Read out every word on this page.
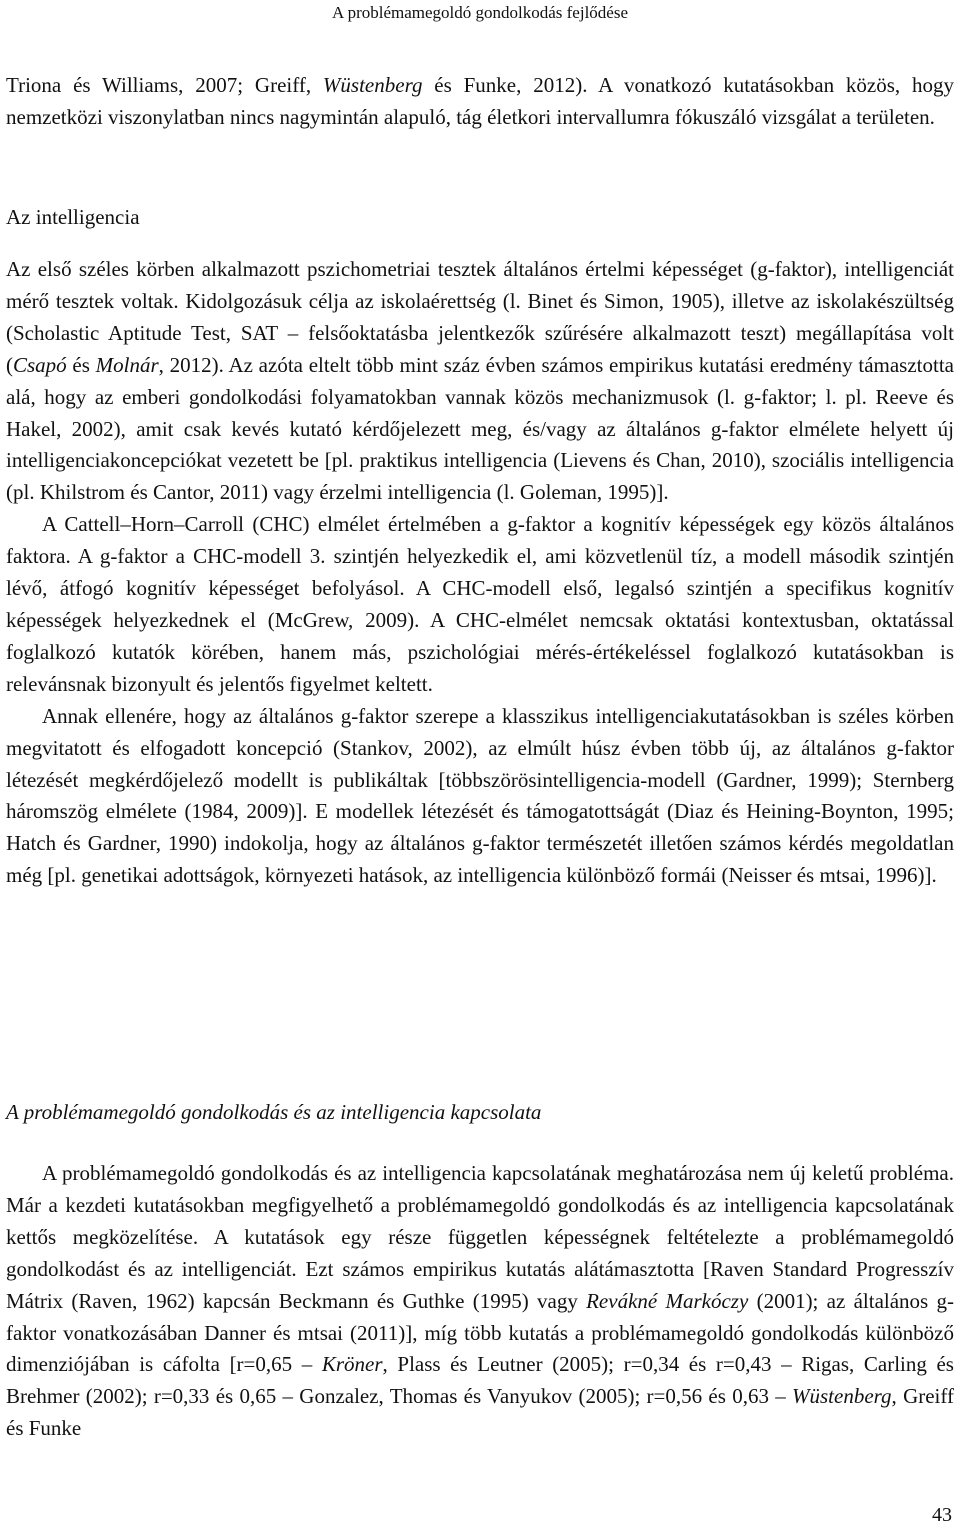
A problémamegoldó gondolkodás fejlődése

Triona és Williams, 2007; Greiff, Wüstenberg és Funke, 2012). A vonatkozó kutatásokban közös, hogy nemzetközi viszonylatban nincs nagymintán alapuló, tág életkori intervallumra fókuszáló vizsgálat a területen.

Az intelligencia

Az első széles körben alkalmazott pszichometriai tesztek általános értelmi képességet (g-faktor), intelligenciát mérő tesztek voltak. Kidolgozásuk célja az iskolaérettség (l. Binet és Simon, 1905), illetve az iskolakészültség (Scholastic Aptitude Test, SAT – felsőoktatásba jelentkezők szűrésére alkalmazott teszt) megállapítása volt (Csapó és Molnár, 2012). Az azóta eltelt több mint száz évben számos empirikus kutatási eredmény támasztotta alá, hogy az emberi gondolkodási folyamatokban vannak közös mechanizmusok (l. g-faktor; l. pl. Reeve és Hakel, 2002), amit csak kevés kutató kérdőjelezett meg, és/vagy az általános g-faktor elmélete helyett új intelligenciakoncepciókat vezetett be [pl. praktikus intelligencia (Lievens és Chan, 2010), szociális intelligencia (pl. Khilstrom és Cantor, 2011) vagy érzelmi intelligencia (l. Goleman, 1995)].

A Cattell–Horn–Carroll (CHC) elmélet értelmében a g-faktor a kognitív képességek egy közös általános faktora. A g-faktor a CHC-modell 3. szintjén helyezkedik el, ami közvetlenül tíz, a modell második szintjén lévő, átfogó kognitív képességet befolyásol. A CHC-modell első, legalsó szintjén a specifikus kognitív képességek helyezkednek el (McGrew, 2009). A CHC-elmélet nemcsak oktatási kontextusban, oktatással foglalkozó kutatók körében, hanem más, pszichológiai mérés-értékeléssel foglalkozó kutatásokban is relevánsnak bizonyult és jelentős figyelmet keltett.

Annak ellenére, hogy az általános g-faktor szerepe a klasszikus intelligenciakutatásokban is széles körben megvitatott és elfogadott koncepció (Stankov, 2002), az elmúlt húsz évben több új, az általános g-faktor létezését megkérdőjelező modellt is publikáltak [többszörösintelligencia-modell (Gardner, 1999); Sternberg háromszög elmélete (1984, 2009)]. E modellek létezését és támogatottságát (Diaz és Heining-Boynton, 1995; Hatch és Gardner, 1990) indokolja, hogy az általános g-faktor természetét illetően számos kérdés megoldatlan még [pl. genetikai adottságok, környezeti hatások, az intelligencia különböző formái (Neisser és mtsai, 1996)].

A problémamegoldó gondolkodás és az intelligencia kapcsolata

A problémamegoldó gondolkodás és az intelligencia kapcsolatának meghatározása nem új keletű probléma. Már a kezdeti kutatásokban megfigyelhető a problémamegoldó gondolkodás és az intelligencia kapcsolatának kettős megközelítése. A kutatások egy része független képességnek feltételezte a problémamegoldó gondolkodást és az intelligenciát. Ezt számos empirikus kutatás alátámasztotta [Raven Standard Progresszív Mátrix (Raven, 1962) kapcsán Beckmann és Guthke (1995) vagy Revákné Markóczy (2001); az általános g-faktor vonatkozásában Danner és mtsai (2011)], míg több kutatás a problémamegoldó gondolkodás különböző dimenziójában is cáfolta [r=0,65 – Kröner, Plass és Leutner (2005); r=0,34 és r=0,43 – Rigas, Carling és Brehmer (2002); r=0,33 és 0,65 – Gonzalez, Thomas és Vanyukov (2005); r=0,56 és 0,63 – Wüstenberg, Greiff és Funke

43
